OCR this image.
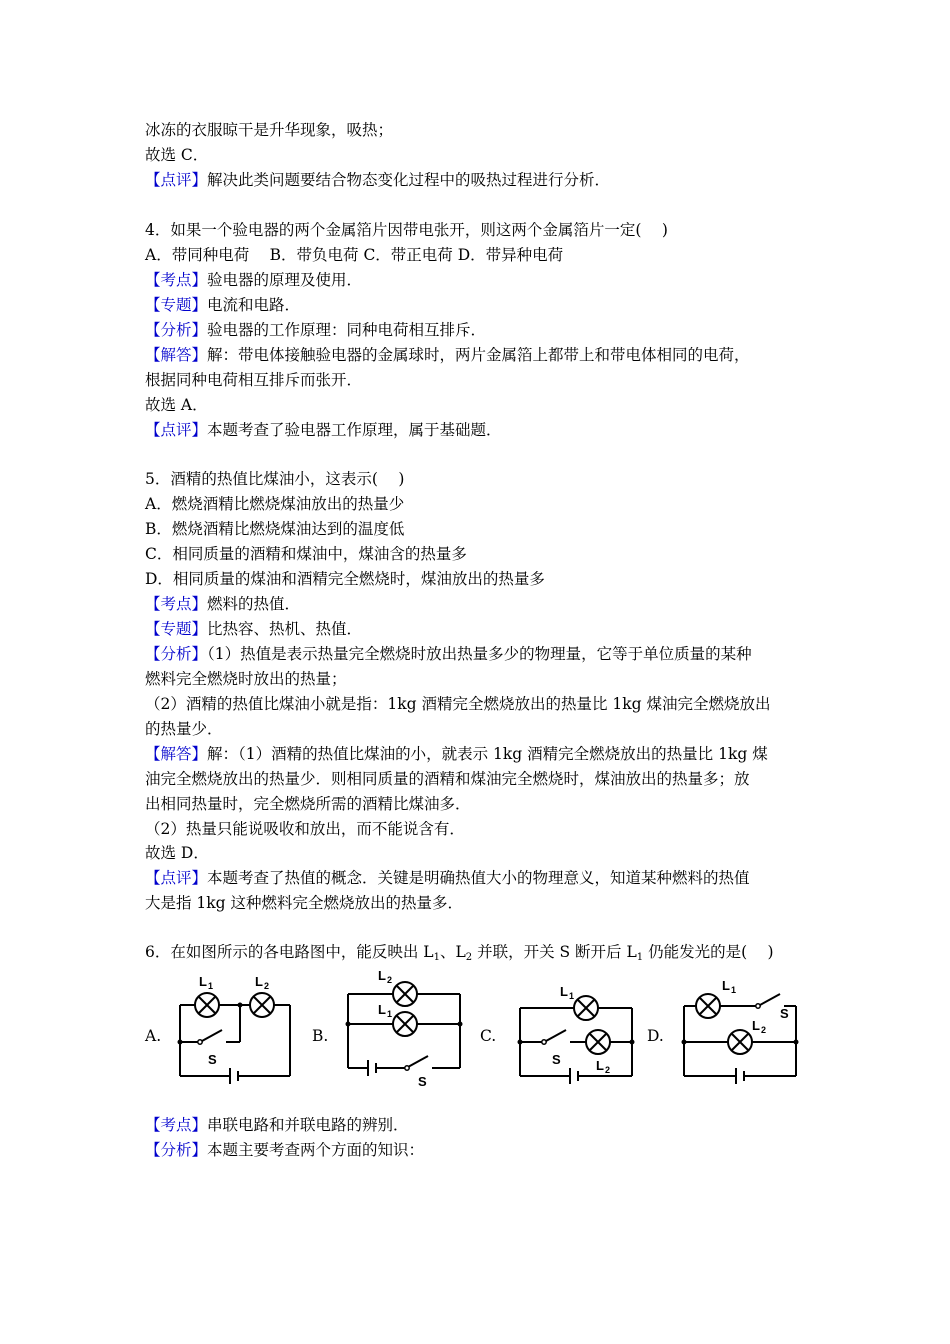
冰冻的衣服晾干是升华现象，吸热；
故选 C．
【点评】解决此类问题要结合物态变化过程中的吸热过程进行分析．
4．如果一个验电器的两个金属箔片因带电张开，则这两个金属箔片一定(　 )
A．带同种电荷　 B．带负电荷 C．带正电荷 D．带异种电荷
【考点】验电器的原理及使用．
【专题】电流和电路．
【分析】验电器的工作原理：同种电荷相互排斥．
【解答】解：带电体接触验电器的金属球时，两片金属箔上都带上和带电体相同的电荷，
根据同种电荷相互排斥而张开．
故选 A．
【点评】本题考查了验电器工作原理，属于基础题．
5．酒精的热值比煤油小，这表示(　 )
A．燃烧酒精比燃烧煤油放出的热量少
B．燃烧酒精比燃烧煤油达到的温度低
C．相同质量的酒精和煤油中，煤油含的热量多
D．相同质量的煤油和酒精完全燃烧时，煤油放出的热量多
【考点】燃料的热值．
【专题】比热容、热机、热值．
【分析】（1）热值是表示热量完全燃烧时放出热量多少的物理量，它等于单位质量的某种
燃料完全燃烧时放出的热量；
（2）酒精的热值比煤油小就是指：1kg 酒精完全燃烧放出的热量比 1kg 煤油完全燃烧放出
的热量少．
【解答】解：（1）酒精的热值比煤油的小，就表示 1kg 酒精完全燃烧放出的热量比 1kg 煤
油完全燃烧放出的热量少．则相同质量的酒精和煤油完全燃烧时，煤油放出的热量多；放
出相同热量时，完全燃烧所需的酒精比煤油多．
（2）热量只能说吸收和放出，而不能说含有．
故选 D．
【点评】本题考查了热值的概念．关键是明确热值大小的物理意义，知道某种燃料的热值
大是指 1kg 这种燃料完全燃烧放出的热量多．
6．在如图所示的各电路图中，能反映出 $L_1$、$L_2$ 并联，开关 S 断开后 $L_1$ 仍能发光的是(　 )
A.	B.	C.	D.
L 1	L 2
S
L 2
L 1
S
L 1
S	L 2
L 1
S
L 2
【考点】串联电路和并联电路的辨别．
【分析】本题主要考查两个方面的知识：
